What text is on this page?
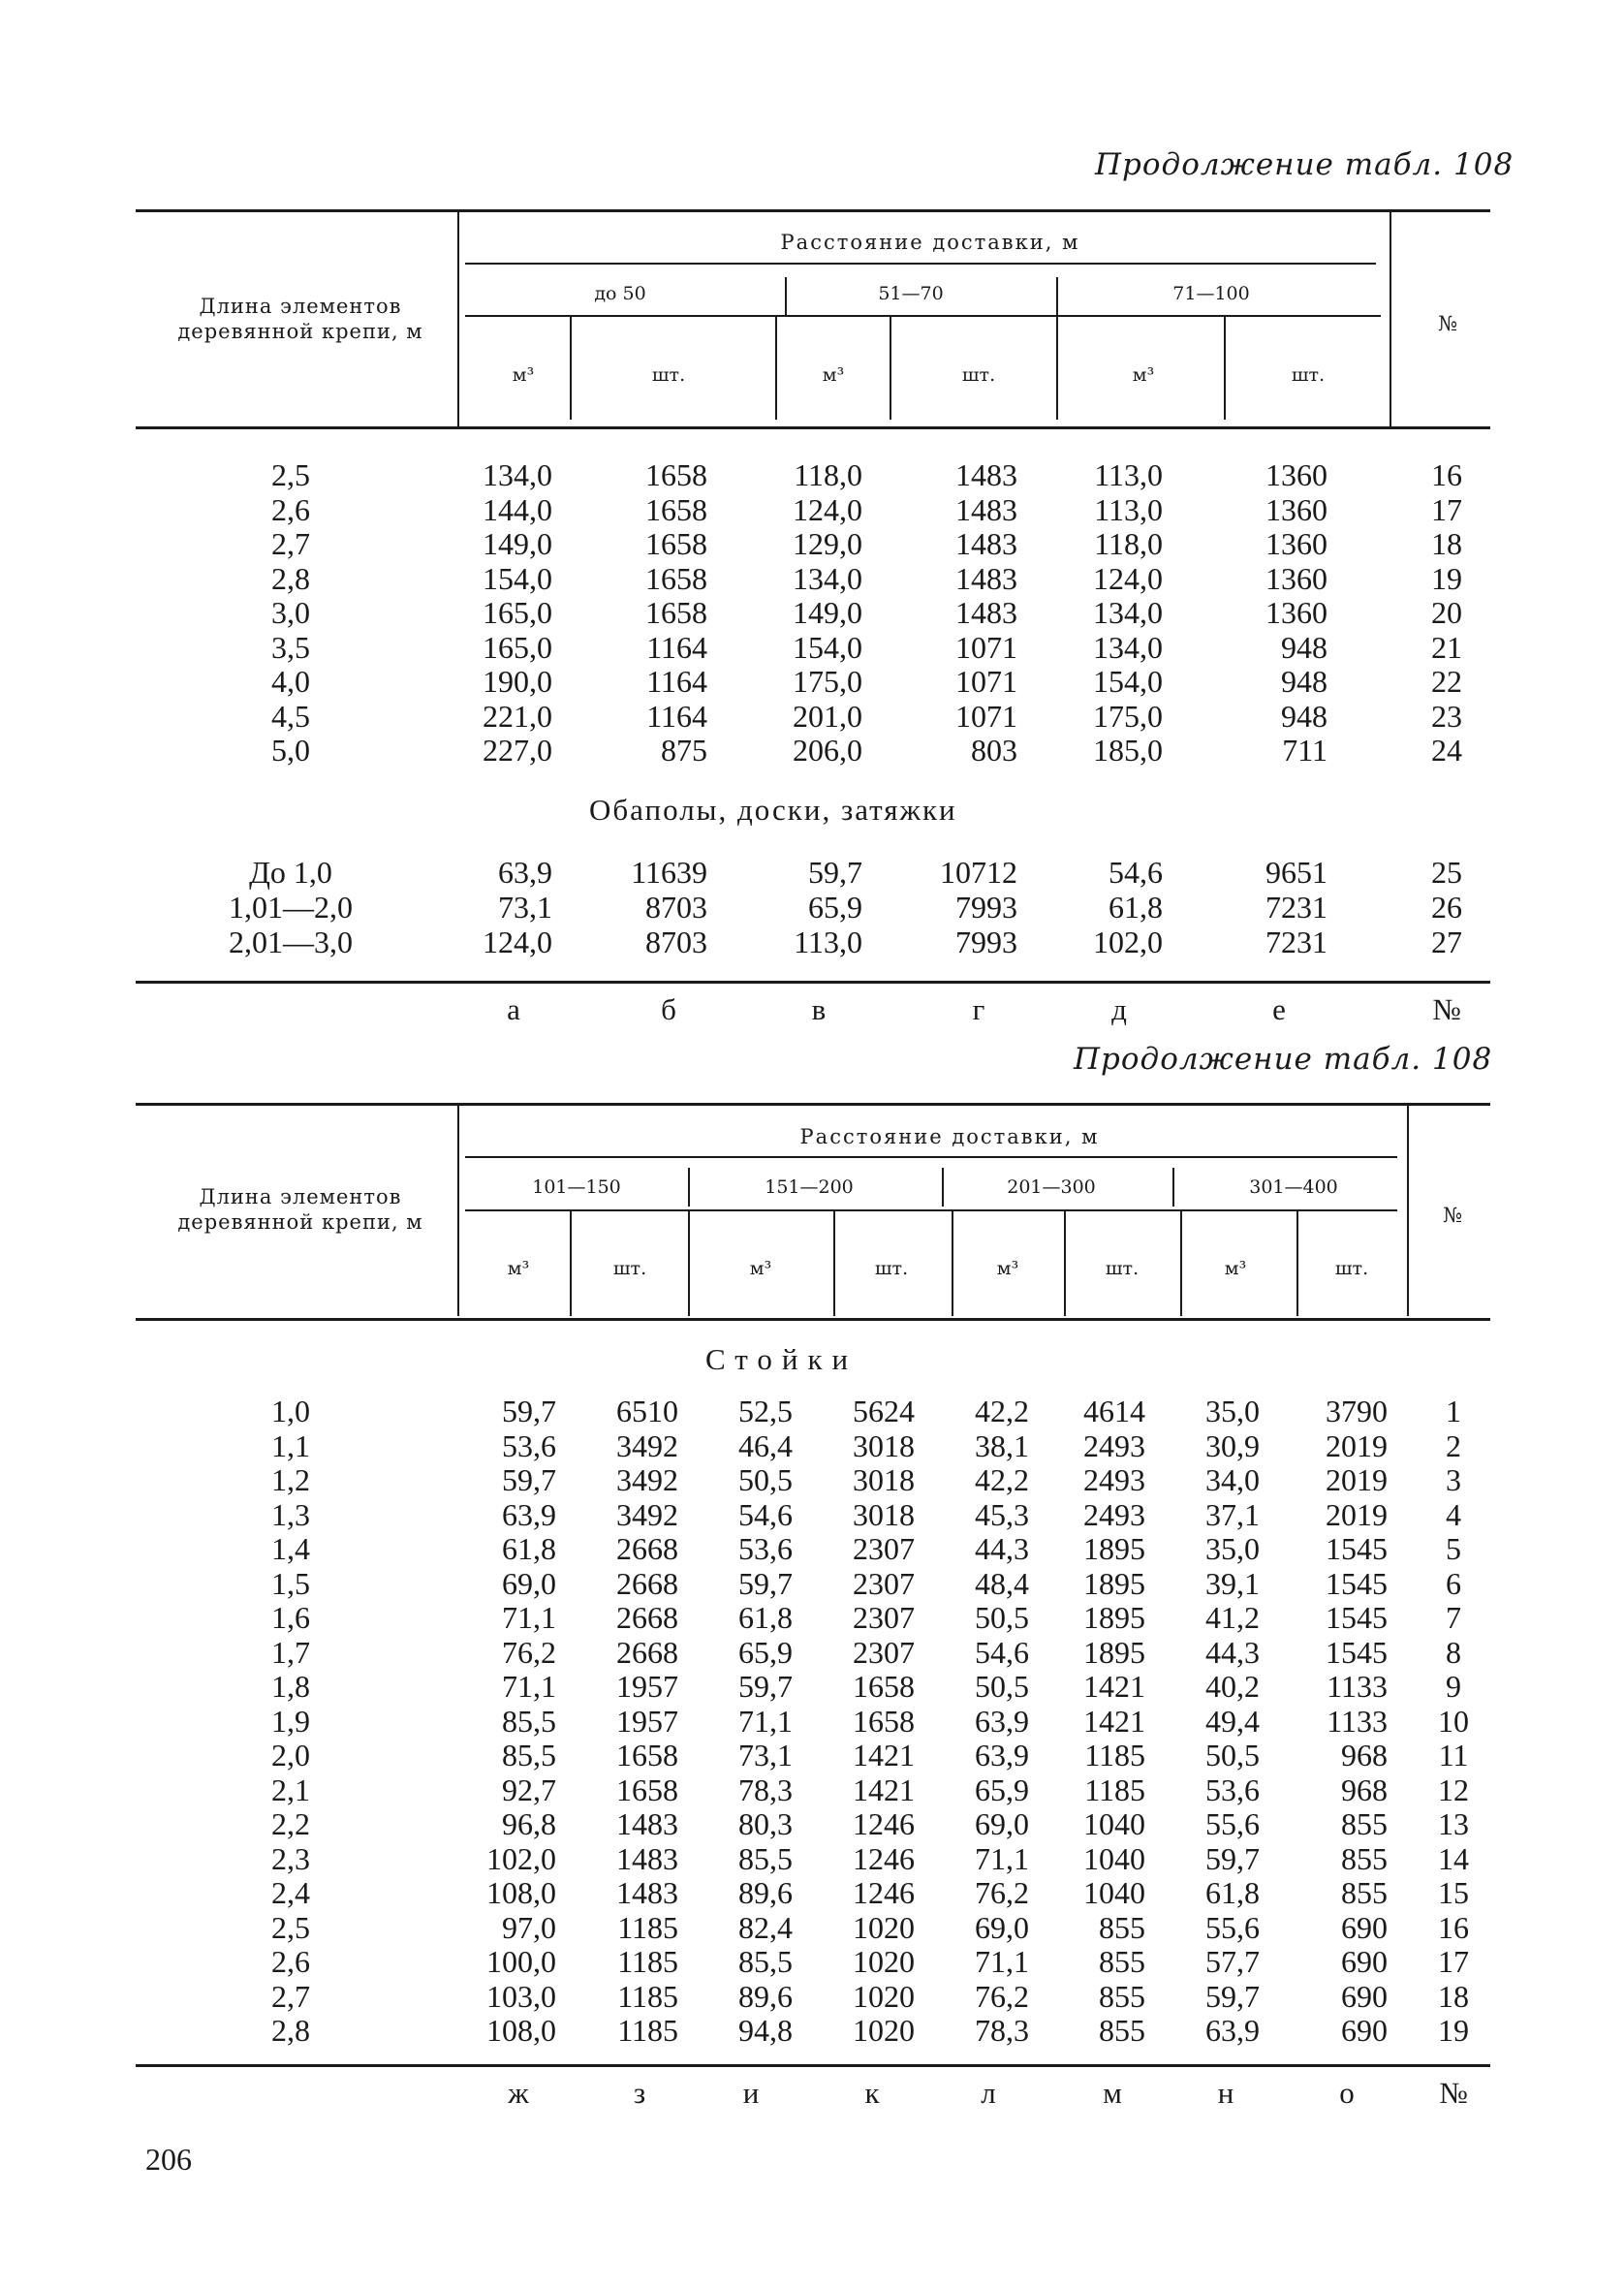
Продолжение табл. 108
Длина элементов
деревянной крепи, м
Расстояние доставки, м
до 50	51—70	71—100
м³	шт.	м³	шт.	м³	шт.
№
2,5	134,0	1658	118,0	1483	113,0	1360	16
2,6	144,0	1658	124,0	1483	113,0	1360	17
2,7	149,0	1658	129,0	1483	118,0	1360	18
2,8	154,0	1658	134,0	1483	124,0	1360	19
3,0	165,0	1658	149,0	1483	134,0	1360	20
3,5	165,0	1164	154,0	1071	134,0	948	21
4,0	190,0	1164	175,0	1071	154,0	948	22
4,5	221,0	1164	201,0	1071	175,0	948	23
5,0	227,0	875	206,0	803	185,0	711	24
Обаполы, доски, затяжки
До 1,0	63,9	11639	59,7	10712	54,6	9651	25
1,01—2,0	73,1	8703	65,9	7993	61,8	7231	26
2,01—3,0	124,0	8703	113,0	7993	102,0	7231	27
а	б	в	г	д	е	№
Продолжение табл. 108
Длина элементов
деревянной крепи, м
Расстояние доставки, м
101—150	151—200	201—300	301—400
м³	шт.	м³	шт.	м³	шт.	м³	шт.
№
Стойки
1,0	59,7	6510	52,5	5624	42,2	4614	35,0	3790	1
1,1	53,6	3492	46,4	3018	38,1	2493	30,9	2019	2
1,2	59,7	3492	50,5	3018	42,2	2493	34,0	2019	3
1,3	63,9	3492	54,6	3018	45,3	2493	37,1	2019	4
1,4	61,8	2668	53,6	2307	44,3	1895	35,0	1545	5
1,5	69,0	2668	59,7	2307	48,4	1895	39,1	1545	6
1,6	71,1	2668	61,8	2307	50,5	1895	41,2	1545	7
1,7	76,2	2668	65,9	2307	54,6	1895	44,3	1545	8
1,8	71,1	1957	59,7	1658	50,5	1421	40,2	1133	9
1,9	85,5	1957	71,1	1658	63,9	1421	49,4	1133	10
2,0	85,5	1658	73,1	1421	63,9	1185	50,5	968	11
2,1	92,7	1658	78,3	1421	65,9	1185	53,6	968	12
2,2	96,8	1483	80,3	1246	69,0	1040	55,6	855	13
2,3	102,0	1483	85,5	1246	71,1	1040	59,7	855	14
2,4	108,0	1483	89,6	1246	76,2	1040	61,8	855	15
2,5	97,0	1185	82,4	1020	69,0	855	55,6	690	16
2,6	100,0	1185	85,5	1020	71,1	855	57,7	690	17
2,7	103,0	1185	89,6	1020	76,2	855	59,7	690	18
2,8	108,0	1185	94,8	1020	78,3	855	63,9	690	19
ж	з	и	к	л	м	н	о	№
206
